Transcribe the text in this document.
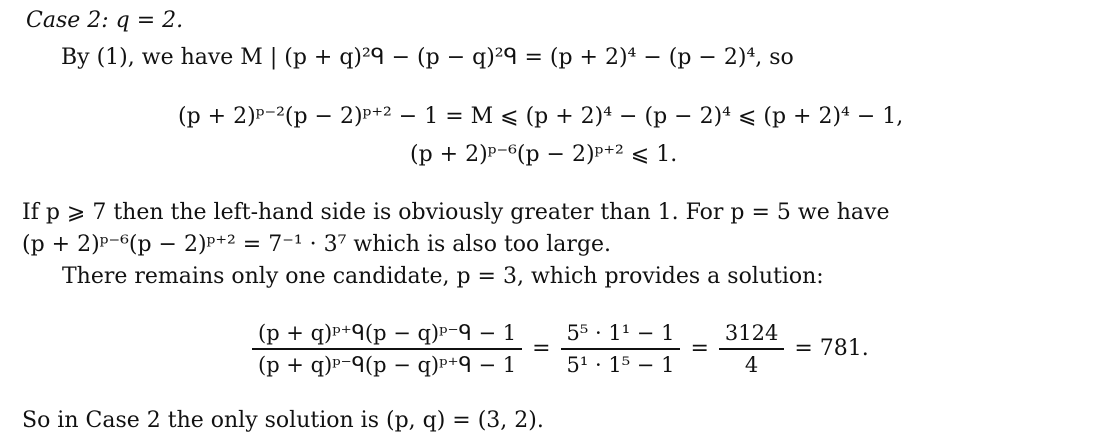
Case 2: q = 2.
By (1), we have M | (p + q)²ᑫ − (p − q)²ᑫ = (p + 2)⁴ − (p − 2)⁴, so
(p + 2)ᵖ⁻²(p − 2)ᵖ⁺² − 1 = M ⩽ (p + 2)⁴ − (p − 2)⁴ ⩽ (p + 2)⁴ − 1,
(p + 2)ᵖ⁻⁶(p − 2)ᵖ⁺² ⩽ 1.
If p ⩾ 7 then the left-hand side is obviously greater than 1. For p = 5 we have
(p + 2)ᵖ⁻⁶(p − 2)ᵖ⁺² = 7⁻¹ · 3⁷ which is also too large.
There remains only one candidate, p = 3, which provides a solution:
$\frac{\text{(p + q)ᵖ⁺ᑫ(p − q)ᵖ⁻ᑫ − 1}}{\text{(p + q)ᵖ⁻ᑫ(p − q)ᵖ⁺ᑫ − 1}} = \frac{\text{5⁵ · 1¹ − 1}}{\text{5¹ · 1⁵ − 1}} = \frac{3124}{4} = 781$.
So in Case 2 the only solution is (p, q) = (3, 2).
